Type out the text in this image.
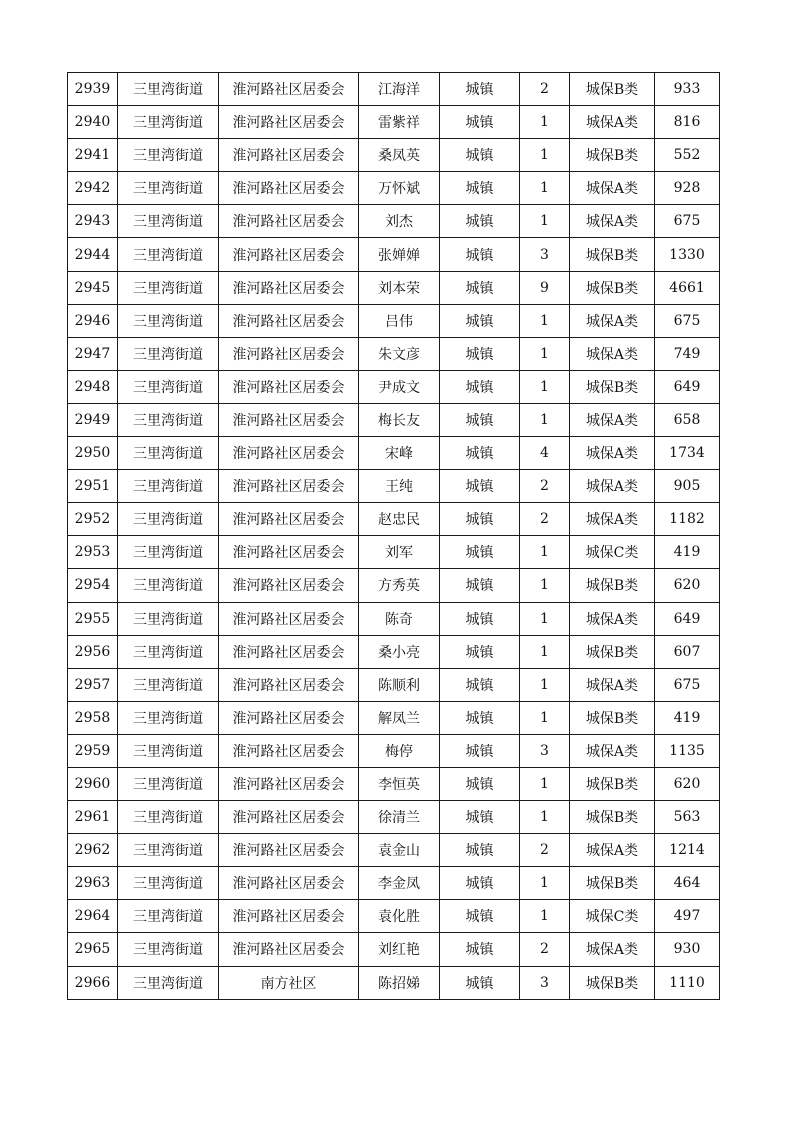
2939	三里湾街道	淮河路社区居委会	江海洋	城镇	2	城保B类	933
2940	三里湾街道	淮河路社区居委会	雷紫祥	城镇	1	城保A类	816
2941	三里湾街道	淮河路社区居委会	桑凤英	城镇	1	城保B类	552
2942	三里湾街道	淮河路社区居委会	万怀斌	城镇	1	城保A类	928
2943	三里湾街道	淮河路社区居委会	刘杰	城镇	1	城保A类	675
2944	三里湾街道	淮河路社区居委会	张婵婵	城镇	3	城保B类	1330
2945	三里湾街道	淮河路社区居委会	刘本荣	城镇	9	城保B类	4661
2946	三里湾街道	淮河路社区居委会	吕伟	城镇	1	城保A类	675
2947	三里湾街道	淮河路社区居委会	朱文彦	城镇	1	城保A类	749
2948	三里湾街道	淮河路社区居委会	尹成文	城镇	1	城保B类	649
2949	三里湾街道	淮河路社区居委会	梅长友	城镇	1	城保A类	658
2950	三里湾街道	淮河路社区居委会	宋峰	城镇	4	城保A类	1734
2951	三里湾街道	淮河路社区居委会	王纯	城镇	2	城保A类	905
2952	三里湾街道	淮河路社区居委会	赵忠民	城镇	2	城保A类	1182
2953	三里湾街道	淮河路社区居委会	刘军	城镇	1	城保C类	419
2954	三里湾街道	淮河路社区居委会	方秀英	城镇	1	城保B类	620
2955	三里湾街道	淮河路社区居委会	陈奇	城镇	1	城保A类	649
2956	三里湾街道	淮河路社区居委会	桑小亮	城镇	1	城保B类	607
2957	三里湾街道	淮河路社区居委会	陈顺利	城镇	1	城保A类	675
2958	三里湾街道	淮河路社区居委会	解凤兰	城镇	1	城保B类	419
2959	三里湾街道	淮河路社区居委会	梅停	城镇	3	城保A类	1135
2960	三里湾街道	淮河路社区居委会	李恒英	城镇	1	城保B类	620
2961	三里湾街道	淮河路社区居委会	徐清兰	城镇	1	城保B类	563
2962	三里湾街道	淮河路社区居委会	袁金山	城镇	2	城保A类	1214
2963	三里湾街道	淮河路社区居委会	李金凤	城镇	1	城保B类	464
2964	三里湾街道	淮河路社区居委会	袁化胜	城镇	1	城保C类	497
2965	三里湾街道	淮河路社区居委会	刘红艳	城镇	2	城保A类	930
2966	三里湾街道	南方社区	陈招娣	城镇	3	城保B类	1110
